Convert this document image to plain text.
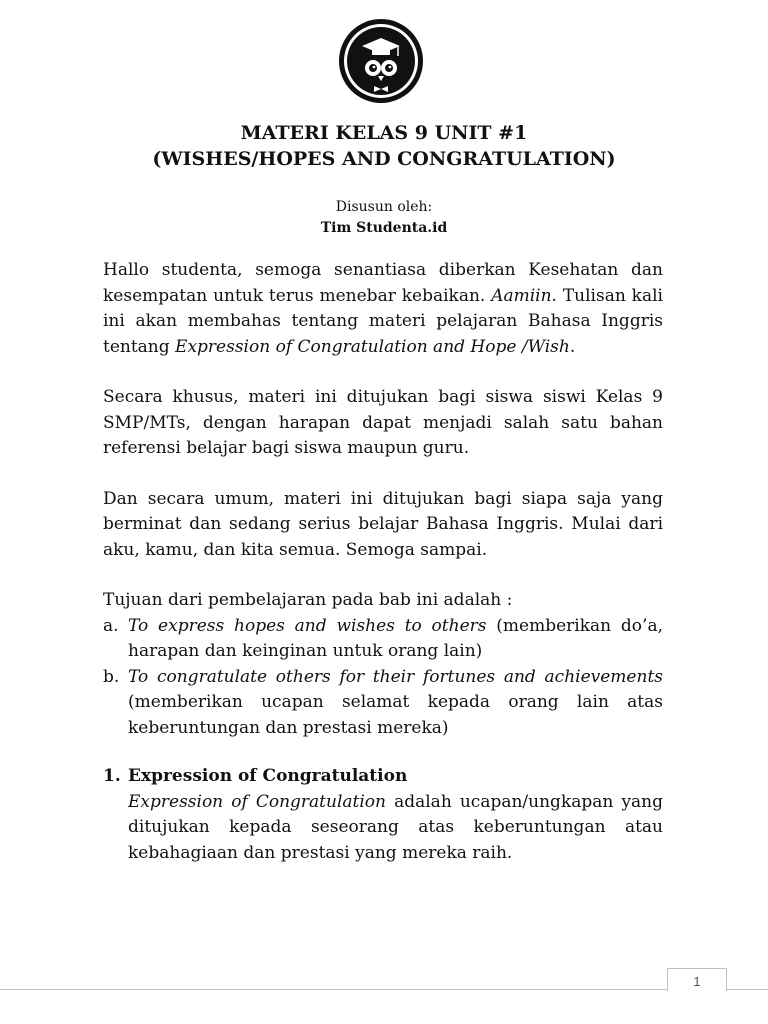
MATERI KELAS 9 UNIT #1
(WISHES/HOPES AND CONGRATULATION)
Disusun oleh:
Tim Studenta.id

Hallo studenta, semoga senantiasa diberkan Kesehatan dan kesempatan untuk terus menebar kebaikan. Aamiin. Tulisan kali ini akan membahas tentang materi pelajaran Bahasa Inggris tentang Expression of Congratulation and Hope /Wish.

Secara khusus, materi ini ditujukan bagi siswa siswi Kelas 9 SMP/MTs, dengan harapan dapat menjadi salah satu bahan referensi belajar bagi siswa maupun guru.

Dan secara umum, materi ini ditujukan bagi siapa saja yang berminat dan sedang serius belajar Bahasa Inggris. Mulai dari aku, kamu, dan kita semua. Semoga sampai.

Tujuan dari pembelajaran pada bab ini adalah :
a. To express hopes and wishes to others (memberikan do’a, harapan dan keinginan untuk orang lain)
b. To congratulate others for their fortunes and achievements (memberikan ucapan selamat kepada orang lain atas keberuntungan dan prestasi mereka)
1. Expression of Congratulation
Expression of Congratulation adalah ucapan/ungkapan yang ditujukan kepada seseorang atas keberuntungan atau kebahagiaan dan prestasi yang mereka raih.
1
